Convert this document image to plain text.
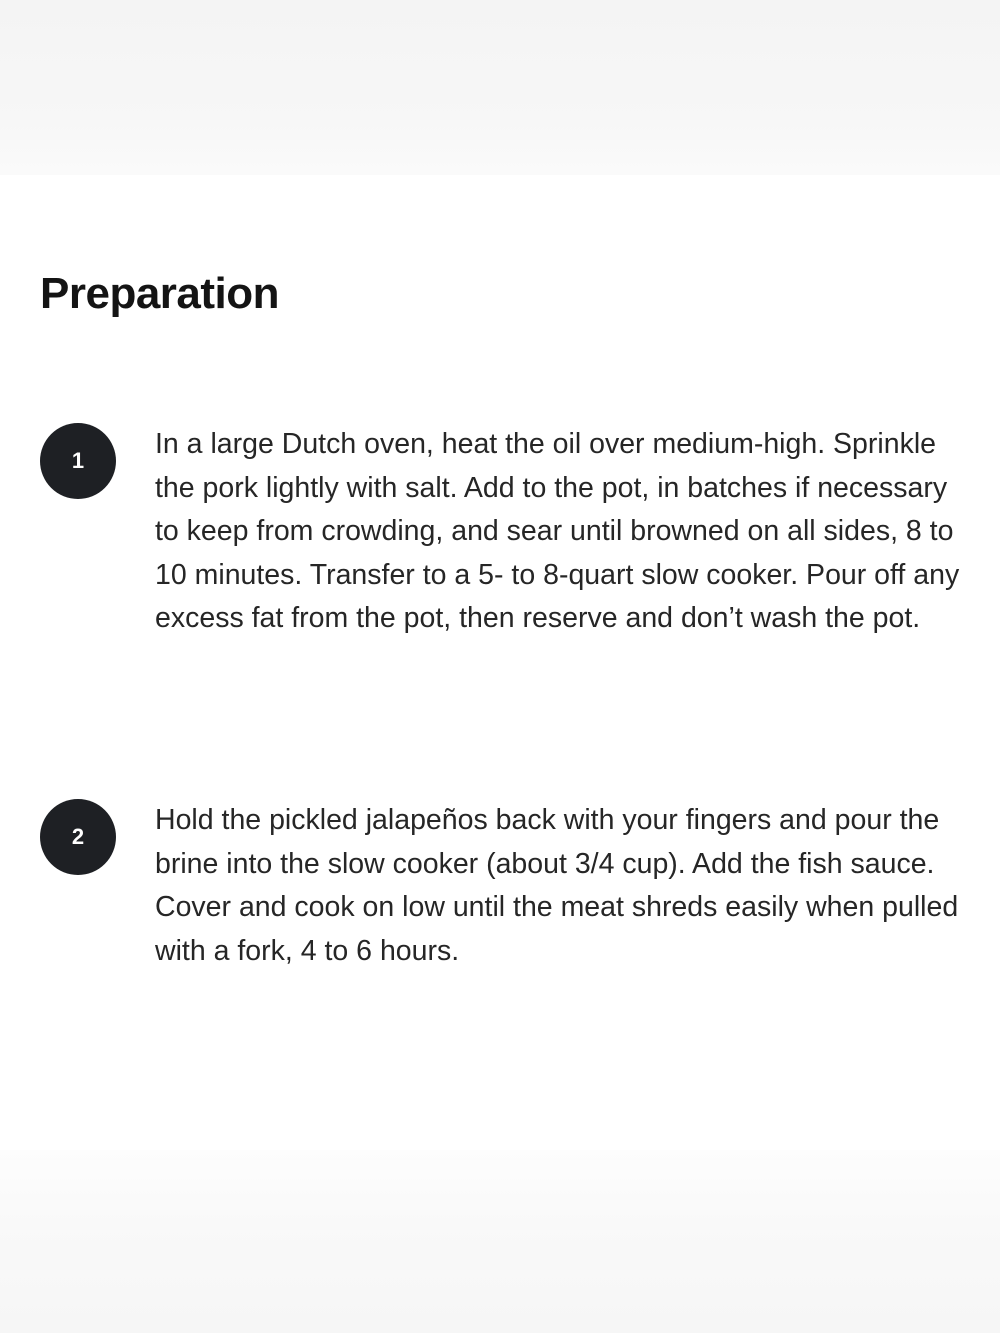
Preparation
1

In a large Dutch oven, heat the oil over medium-high. Sprinkle the pork lightly with salt. Add to the pot, in batches if necessary to keep from crowding, and sear until browned on all sides, 8 to 10 minutes. Transfer to a 5- to 8-quart slow cooker. Pour off any excess fat from the pot, then reserve and don’t wash the pot.

2

Hold the pickled jalapeños back with your fingers and pour the brine into the slow cooker (about 3/4 cup). Add the fish sauce. Cover and cook on low until the meat shreds easily when pulled with a fork, 4 to 6 hours.
